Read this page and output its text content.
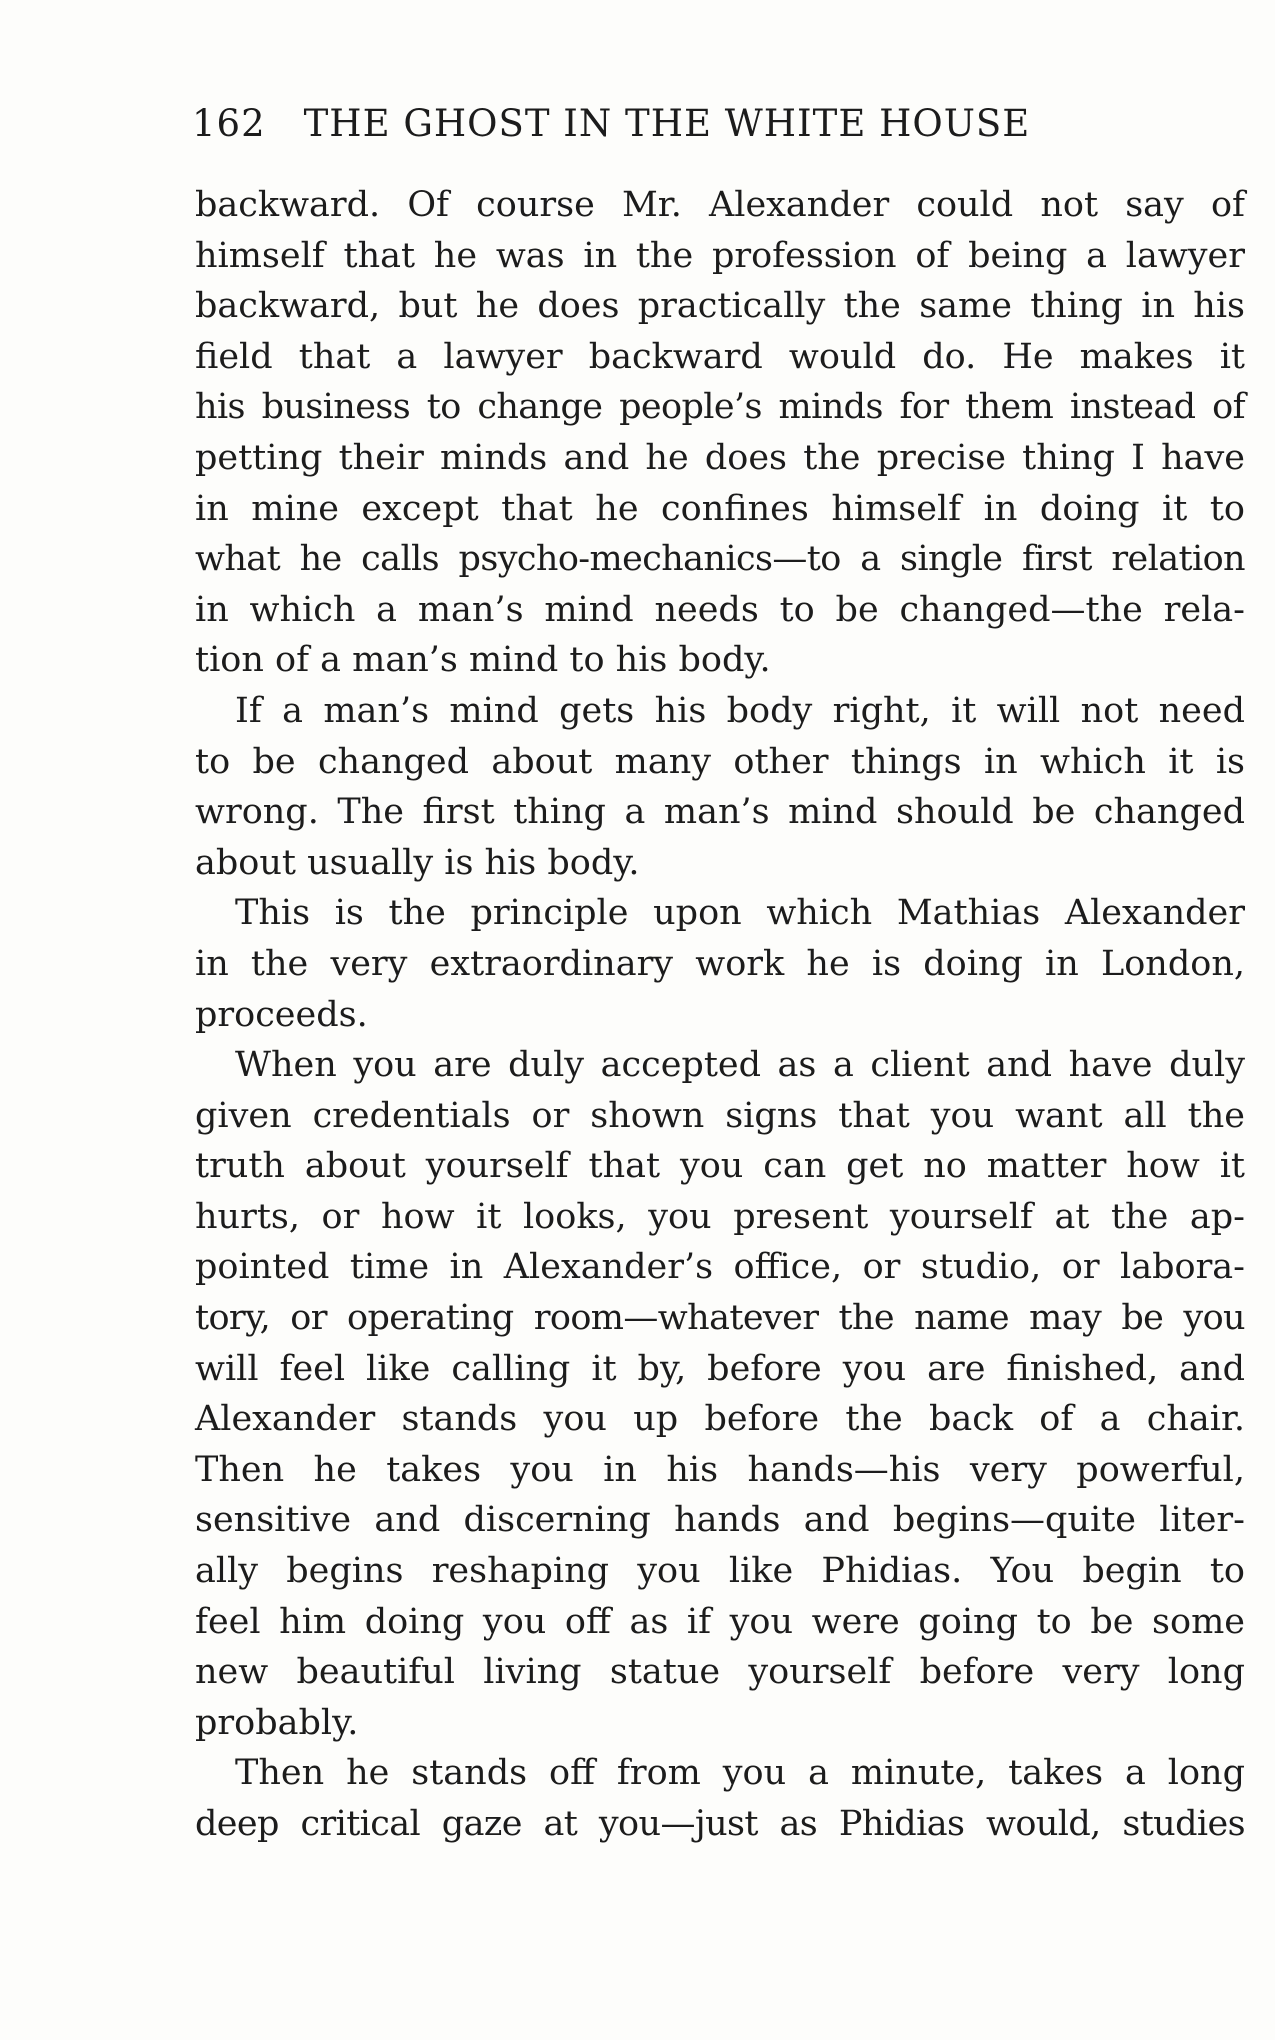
162 THE GHOST IN THE WHITE HOUSE
backward. Of course Mr. Alexander could not say of
himself that he was in the profession of being a lawyer
backward, but he does practically the same thing in his
field that a lawyer backward would do. He makes it
his business to change people’s minds for them instead of
petting their minds and he does the precise thing I have
in mine except that he confines himself in doing it to
what he calls psycho-mechanics—to a single first relation
in which a man’s mind needs to be changed—the rela-
tion of a man’s mind to his body.
If a man’s mind gets his body right, it will not need
to be changed about many other things in which it is
wrong. The first thing a man’s mind should be changed
about usually is his body.
This is the principle upon which Mathias Alexander
in the very extraordinary work he is doing in London,
proceeds.
When you are duly accepted as a client and have duly
given credentials or shown signs that you want all the
truth about yourself that you can get no matter how it
hurts, or how it looks, you present yourself at the ap-
pointed time in Alexander’s office, or studio, or labora-
tory, or operating room—whatever the name may be you
will feel like calling it by, before you are finished, and
Alexander stands you up before the back of a chair.
Then he takes you in his hands—his very powerful,
sensitive and discerning hands and begins—quite liter-
ally begins reshaping you like Phidias. You begin to
feel him doing you off as if you were going to be some
new beautiful living statue yourself before very long
probably.
Then he stands off from you a minute, takes a long
deep critical gaze at you—just as Phidias would, studies
